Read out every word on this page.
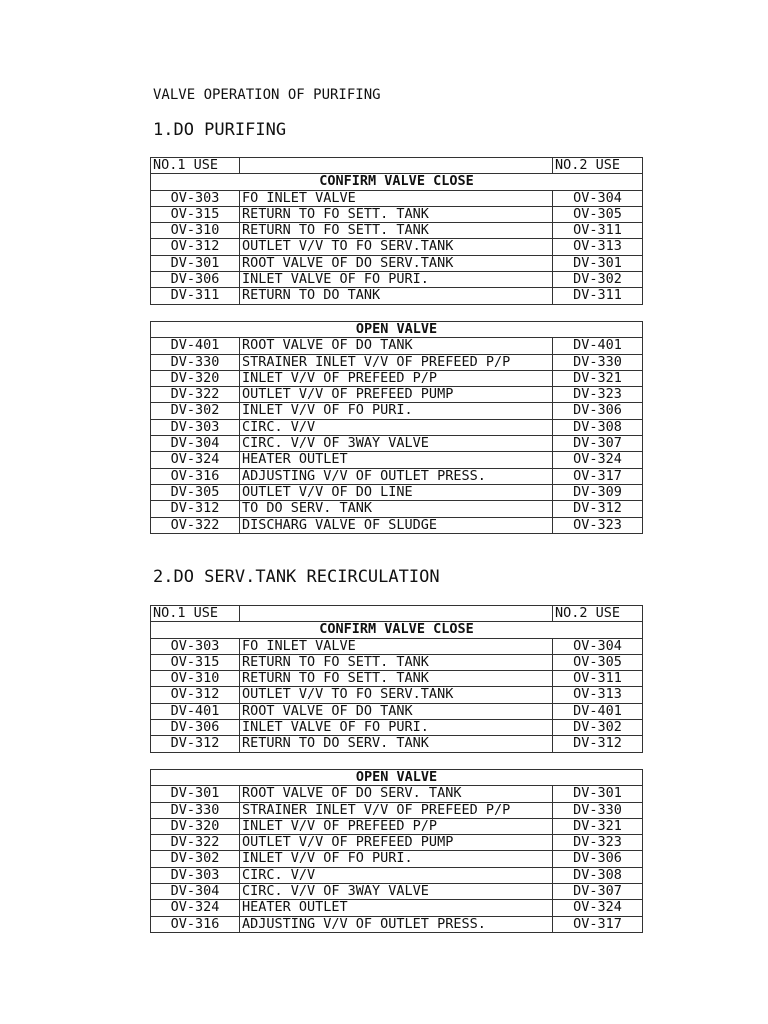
VALVE OPERATION OF PURIFING
1.DO PURIFING
NO.1 USE		NO.2 USE
CONFIRM VALVE CLOSE		
OV-303	FO INLET VALVE	OV-304
OV-315	RETURN TO FO SETT. TANK	OV-305
OV-310	RETURN TO FO SETT. TANK	OV-311
OV-312	OUTLET V/V TO FO SERV.TANK	OV-313
DV-301	ROOT VALVE OF DO SERV.TANK	DV-301
DV-306	INLET VALVE OF FO PURI.	DV-302
DV-311	RETURN TO DO TANK	DV-311
OPEN VALVE		
DV-401	ROOT VALVE OF DO TANK	DV-401
DV-330	STRAINER INLET V/V OF PREFEED P/P	DV-330
DV-320	INLET V/V OF PREFEED P/P	DV-321
DV-322	OUTLET V/V OF PREFEED PUMP	DV-323
DV-302	INLET V/V OF FO PURI.	DV-306
DV-303	CIRC. V/V	DV-308
DV-304	CIRC. V/V OF 3WAY VALVE	DV-307
OV-324	HEATER OUTLET	OV-324
OV-316	ADJUSTING V/V OF OUTLET PRESS.	OV-317
DV-305	OUTLET V/V OF DO LINE	DV-309
DV-312	TO DO SERV. TANK	DV-312
OV-322	DISCHARG VALVE OF SLUDGE	OV-323
2.DO SERV.TANK RECIRCULATION
NO.1 USE		NO.2 USE
CONFIRM VALVE CLOSE		
OV-303	FO INLET VALVE	OV-304
OV-315	RETURN TO FO SETT. TANK	OV-305
OV-310	RETURN TO FO SETT. TANK	OV-311
OV-312	OUTLET V/V TO FO SERV.TANK	OV-313
DV-401	ROOT VALVE OF DO TANK	DV-401
DV-306	INLET VALVE OF FO PURI.	DV-302
DV-312	RETURN TO DO SERV. TANK	DV-312
OPEN VALVE		
DV-301	ROOT VALVE OF DO SERV. TANK	DV-301
DV-330	STRAINER INLET V/V OF PREFEED P/P	DV-330
DV-320	INLET V/V OF PREFEED P/P	DV-321
DV-322	OUTLET V/V OF PREFEED PUMP	DV-323
DV-302	INLET V/V OF FO PURI.	DV-306
DV-303	CIRC. V/V	DV-308
DV-304	CIRC. V/V OF 3WAY VALVE	DV-307
OV-324	HEATER OUTLET	OV-324
OV-316	ADJUSTING V/V OF OUTLET PRESS.	OV-317
